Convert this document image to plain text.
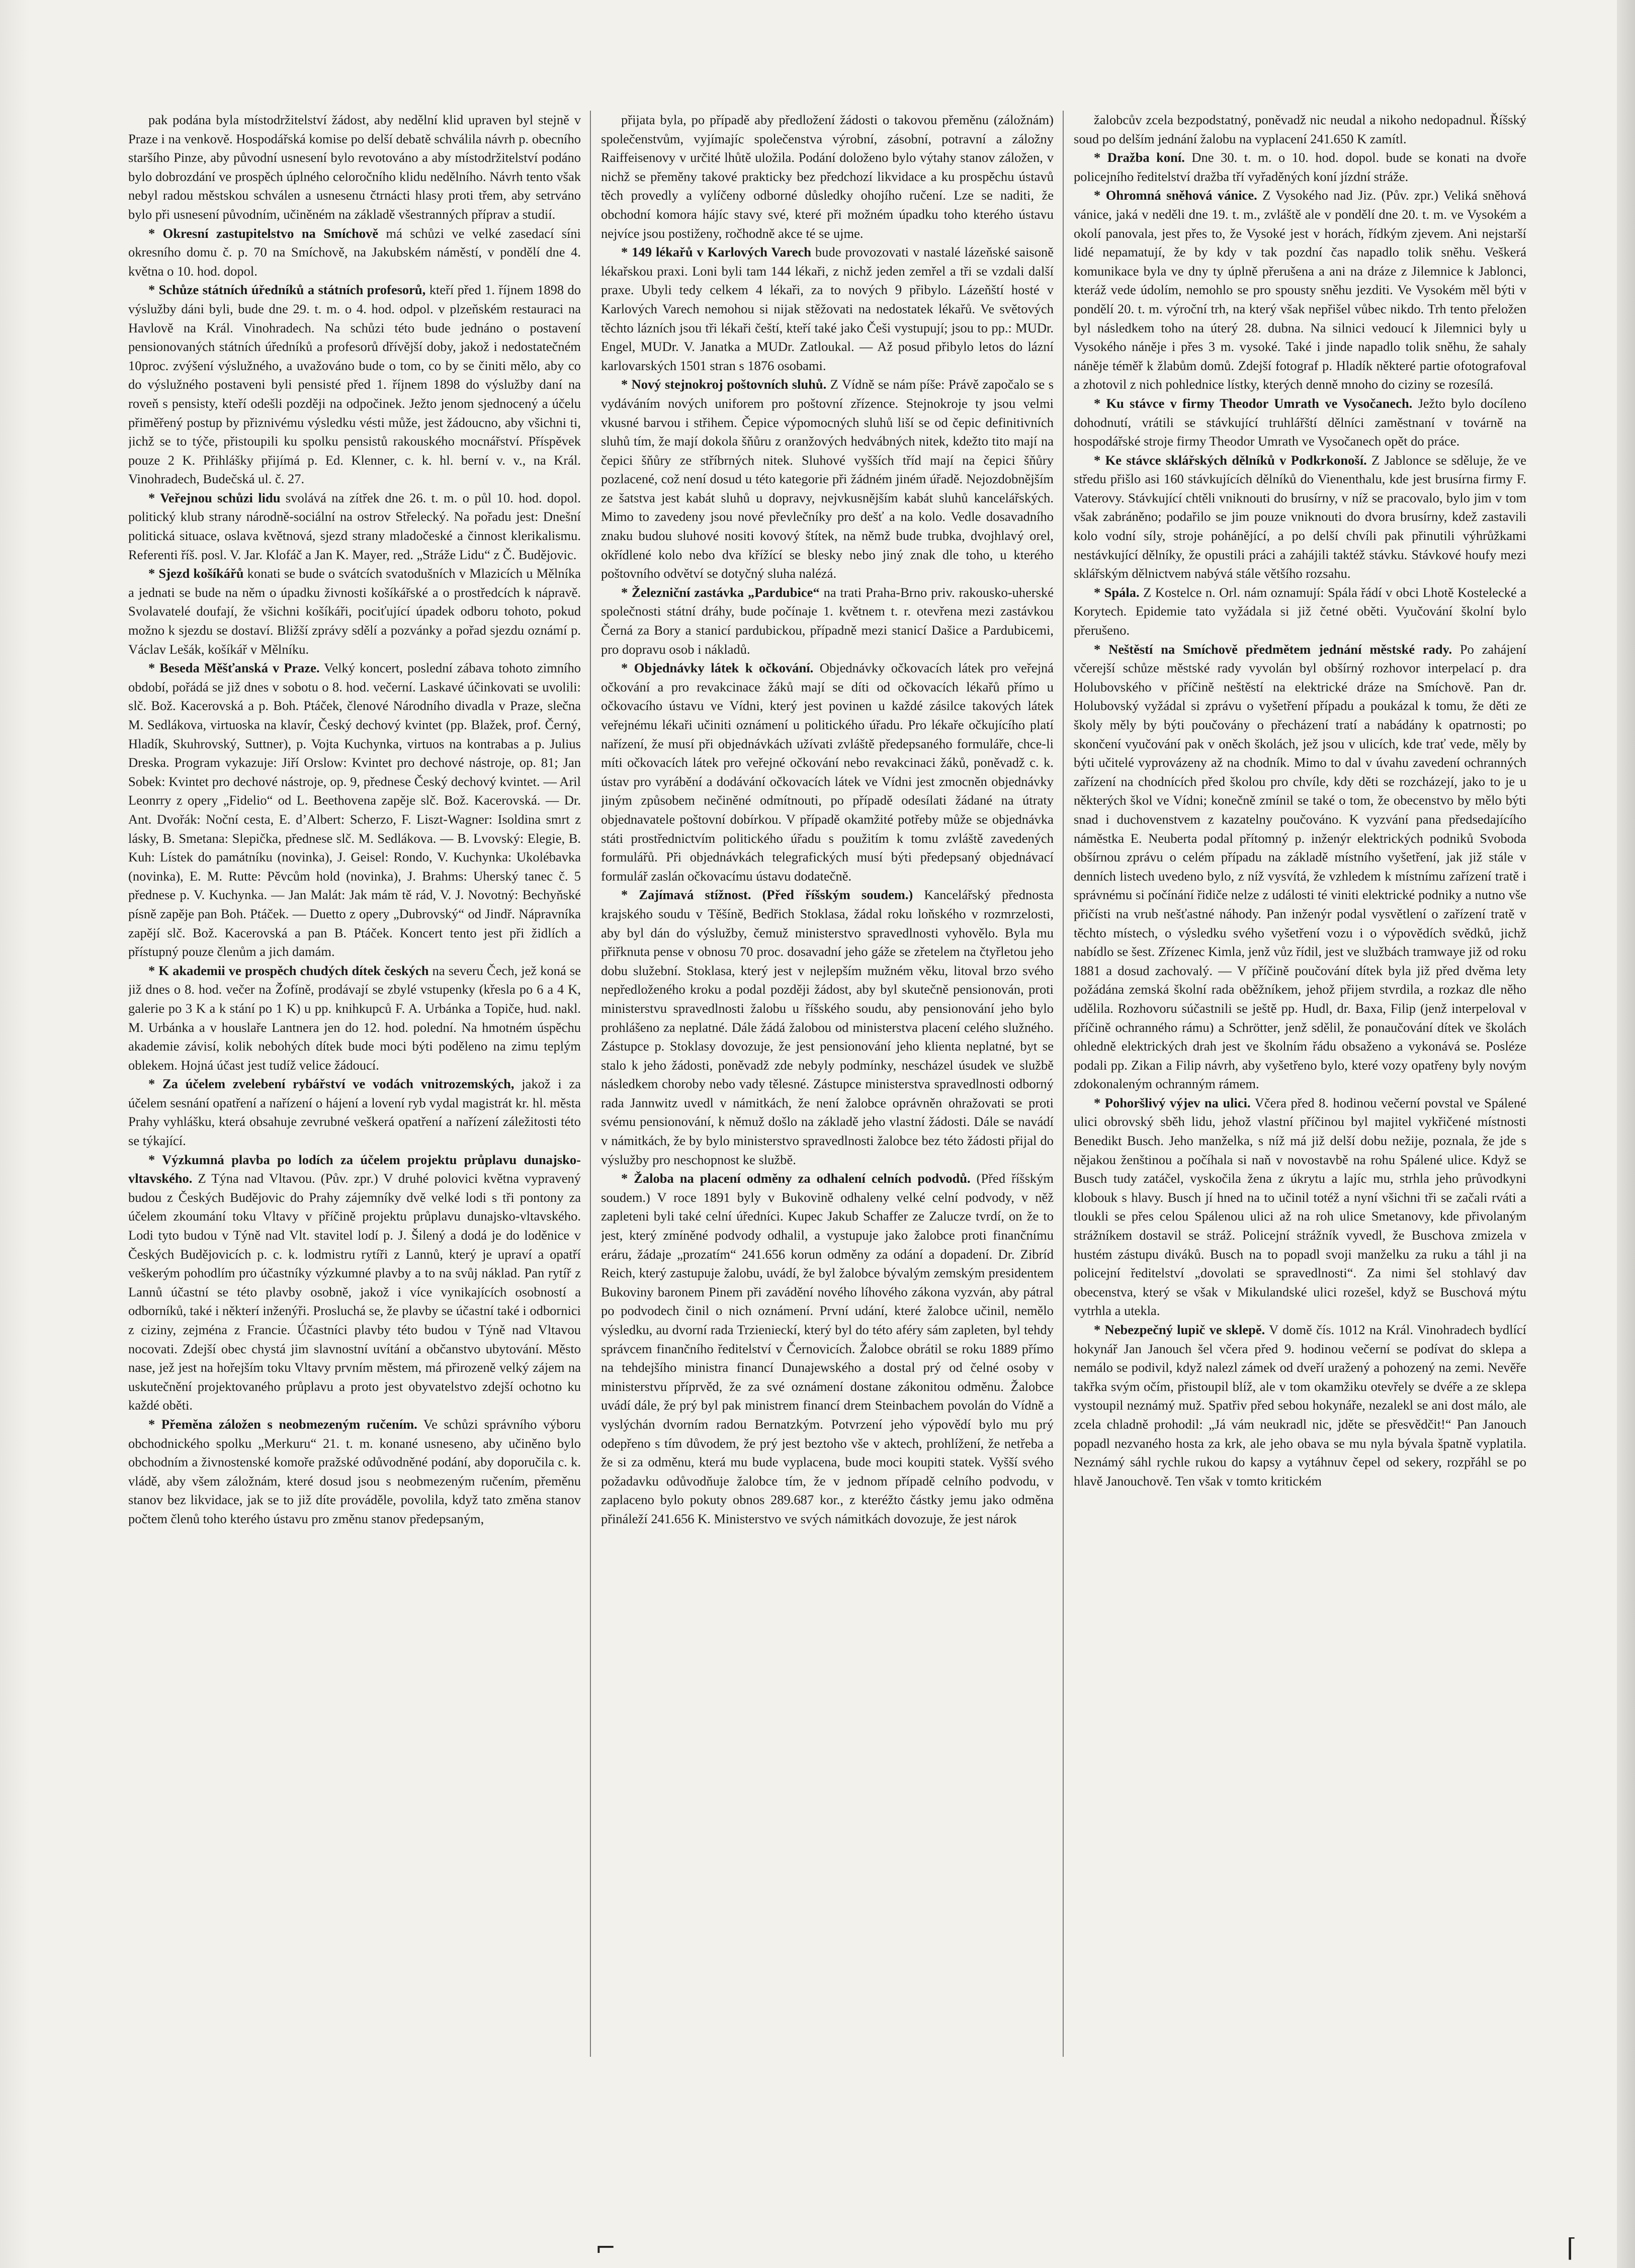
pak podána byla místodržitelství žádost, aby nedělní klid upraven byl stejně v Praze i na venkově. Hospodářská komise po delší debatě schválila návrh p. obecního staršího Pinze, aby původní usnesení bylo revotováno a aby místodržitelství podáno bylo dobrozdání ve prospěch úplného celoročního klidu nedělního. Návrh tento však nebyl radou městskou schválen a usnesenu čtrnácti hlasy proti třem, aby setrváno bylo při usnesení původním, učiněném na základě všestranných příprav a studií.

* Okresní zastupitelstvo na Smíchově má schůzi ve velké zasedací síni okresního domu č. p. 70 na Smíchově, na Jakubském náměstí, v pondělí dne 4. května o 10. hod. dopol.

* Schůze státních úředníků a státních profesorů, kteří před 1. říjnem 1898 do výslužby dáni byli, bude dne 29. t. m. o 4. hod. odpol. v plzeňském restauraci na Havlově na Král. Vinohradech. Na schůzi této bude jednáno o postavení pensionovaných státních úředníků a profesorů dřívější doby, jakož i nedostatečném 10proc. zvýšení výslužného, a uvažováno bude o tom, co by se činiti mělo, aby co do výslužného postaveni byli pensisté před 1. říjnem 1898 do výslužby daní na roveň s pensisty, kteří odešli později na odpočinek. Ježto jenom sjednocený a účelu přiměřený postup by přiznivému výsledku vésti může, jest žádoucno, aby všichni ti, jichž se to týče, přistoupili ku spolku pensistů rakouského mocnářství. Příspěvek pouze 2 K. Přihlášky přijímá p. Ed. Klenner, c. k. hl. berní v. v., na Král. Vinohradech, Budečská ul. č. 27.

* Veřejnou schůzi lidu svolává na zítřek dne 26. t. m. o půl 10. hod. dopol. politický klub strany národně-sociální na ostrov Střelecký. Na pořadu jest: Dnešní politická situace, oslava květnová, sjezd strany mladočeské a činnost klerikalismu. Referenti říš. posl. V. Jar. Klofáč a Jan K. Mayer, red. „Stráže Lidu“ z Č. Budějovic.

* Sjezd košíkářů konati se bude o svátcích svatodušních v Mlazicích u Mělníka a jednati se bude na něm o úpadku živnosti košíkářské a o prostředcích k nápravě. Svolavatelé doufají, že všichni košíkáři, pociťující úpadek odboru tohoto, pokud možno k sjezdu se dostaví. Bližší zprávy sdělí a pozvánky a pořad sjezdu oznámí p. Václav Lešák, košíkář v Mělníku.

* Beseda Měšťanská v Praze. Velký koncert, poslední zábava tohoto zimního období, pořádá se již dnes v sobotu o 8. hod. večerní. Laskavé účinkovati se uvolili: slč. Bož. Kacerovská a p. Boh. Ptáček, členové Národního divadla v Praze, slečna M. Sedlákova, virtuoska na klavír, Český dechový kvintet (pp. Blažek, prof. Černý, Hladík, Skuhrovský, Suttner), p. Vojta Kuchynka, virtuos na kontrabas a p. Julius Dreska. Program vykazuje: Jiří Orslow: Kvintet pro dechové nástroje, op. 81; Jan Sobek: Kvintet pro dechové nástroje, op. 9, přednese Český dechový kvintet. — Aril Leonrry z opery „Fidelio“ od L. Beethovena zapěje slč. Bož. Kacerovská. — Dr. Ant. Dvořák: Noční cesta, E. d’Albert: Scherzo, F. Liszt-Wagner: Isoldina smrt z lásky, B. Smetana: Slepička, přednese slč. M. Sedlákova. — B. Lvovský: Elegie, B. Kuh: Lístek do památníku (novinka), J. Geisel: Rondo, V. Kuchynka: Ukolébavka (novinka), E. M. Rutte: Pěvcům hold (novinka), J. Brahms: Uherský tanec č. 5 přednese p. V. Kuchynka. — Jan Malát: Jak mám tě rád, V. J. Novotný: Bechyňské písně zapěje pan Boh. Ptáček. — Duetto z opery „Dubrovský“ od Jindř. Nápravníka zapějí slč. Bož. Kacerovská a pan B. Ptáček. Koncert tento jest při židlích a přístupný pouze členům a jich damám.

* K akademii ve prospěch chudých dítek českých na severu Čech, jež koná se již dnes o 8. hod. večer na Žofíně, prodávají se zbylé vstupenky (křesla po 6 a 4 K, galerie po 3 K a k stání po 1 K) u pp. knihkupců F. A. Urbánka a Topiče, hud. nakl. M. Urbánka a v houslaře Lantnera jen do 12. hod. polední. Na hmotném úspěchu akademie závisí, kolik nebohých dítek bude moci býti poděleno na zimu teplým oblekem. Hojná účast jest tudíž velice žádoucí.

* Za účelem zvelebení rybářství ve vodách vnitrozemských, jakož i za účelem sesnání opatření a nařízení o hájení a lovení ryb vydal magistrát kr. hl. města Prahy vyhlášku, která obsahuje zevrubné veškerá opatření a nařízení záležitosti této se týkající.

* Výzkumná plavba po lodích za účelem projektu průplavu dunajsko-vltavského. Z Týna nad Vltavou. (Pův. zpr.) V druhé polovici května vypravený budou z Českých Budějovic do Prahy zájemníky dvě velké lodi s tři pontony za účelem zkoumání toku Vltavy v příčině projektu průplavu dunajsko-vltavského. Lodi tyto budou v Týně nad Vlt. stavitel lodí p. J. Šilený a dodá je do loděnice v Českých Budějovicích p. c. k. lodmistru rytíři z Lannů, který je upraví a opatří veškerým pohodlím pro účastníky výzkumné plavby a to na svůj náklad. Pan rytíř z Lannů účastní se této plavby osobně, jakož i více vynikajících osobností a odborníků, také i některí inženýři. Prosluchá se, že plavby se účastní také i odbornici z ciziny, zejména z Francie. Účastníci plavby této budou v Týně nad Vltavou nocovati. Zdejší obec chystá jim slavnostní uvítání a občanstvo ubytování. Město nase, jež jest na hořejším toku Vltavy prvním městem, má přirozeně velký zájem na uskutečnění projektovaného průplavu a proto jest obyvatelstvo zdejší ochotno ku každé oběti.

* Přeměna záložen s neobmezeným ručením. Ve schůzi správního výboru obchodnického spolku „Merkuru“ 21. t. m. konané usneseno, aby učiněno bylo obchodním a živnostenské komoře pražské odůvodněné podání, aby doporučila c. k. vládě, aby všem záložnám, které dosud jsou s neobmezeným ručením, přeměnu stanov bez likvidace, jak se to již díte prováděle, povolila, když tato změna stanov počtem členů toho kterého ústavu pro změnu stanov předepsaným,

přijata byla, po případě aby předložení žádosti o takovou přeměnu (záložnám) společenstvům, vyjímajíc společenstva výrobní, zásobní, potravní a záložny Raiffeisenovy v určité lhůtě uložila. Podání doloženo bylo výtahy stanov záložen, v nichž se přeměny takové prakticky bez předchozí likvidace a ku prospěchu ústavů těch provedly a vylíčeny odborné důsledky ohojího ručení. Lze se naditi, že obchodní komora hájíc stavy své, které při možném úpadku toho kterého ústavu nejvíce jsou postiženy, ročhodně akce té se ujme.

* 149 lékařů v Karlových Varech bude provozovati v nastalé lázeňské saisoně lékařskou praxi. Loni byli tam 144 lékaři, z nichž jeden zemřel a tři se vzdali další praxe. Ubyli tedy celkem 4 lékaři, za to nových 9 přibylo. Lázeňští hosté v Karlových Varech nemohou si nijak stěžovati na nedostatek lékařů. Ve světových těchto lázních jsou tři lékaři čeští, kteří také jako Češi vystupují; jsou to pp.: MUDr. Engel, MUDr. V. Janatka a MUDr. Zatloukal. — Až posud přibylo letos do lázní karlovarských 1501 stran s 1876 osobami.

* Nový stejnokroj poštovních sluhů. Z Vídně se nám píše: Právě započalo se s vydáváním nových uniforem pro poštovní zřízence. Stejnokroje ty jsou velmi vkusné barvou i střihem. Čepice výpomocných sluhů liší se od čepic definitivních sluhů tím, že mají dokola šňůru z oranžových hedvábných nitek, kdežto tito mají na čepici šňůry ze stříbrných nitek. Sluhové vyšších tříd mají na čepici šňůry pozlacené, což není dosud u této kategorie při žádném jiném úřadě. Nejozdobnějším ze šatstva jest kabát sluhů u dopravy, nejvkusnějším kabát sluhů kancelářských. Mimo to zavedeny jsou nové převlečníky pro dešť a na kolo. Vedle dosavadního znaku budou sluhové nositi kovový štítek, na němž bude trubka, dvojhlavý orel, okřídlené kolo nebo dva křížící se blesky nebo jiný znak dle toho, u kterého poštovního odvětví se dotyčný sluha nalézá.

* Železniční zastávka „Pardubice“ na trati Praha-Brno priv. rakousko-uherské společnosti státní dráhy, bude počínaje 1. květnem t. r. otevřena mezi zastávkou Černá za Bory a stanicí pardubickou, případně mezi stanicí Dašice a Pardubicemi, pro dopravu osob i nákladů.

* Objednávky látek k očkování. Objednávky očkovacích látek pro veřejná očkování a pro revakcinace žáků mají se díti od očkovacích lékařů přímo u očkovacího ústavu ve Vídni, který jest povinen u každé zásilce takových látek veřejnému lékaři učiniti oznámení u politického úřadu. Pro lékaře očkujícího platí nařízení, že musí při objednávkách užívati zvláště předepsaného formuláře, chce-li míti očkovacích látek pro veřejné očkování nebo revakcinaci žáků, poněvadž c. k. ústav pro vyrábění a dodávání očkovacích látek ve Vídni jest zmocněn objednávky jiným způsobem nečiněné odmítnouti, po případě odesílati žádané na útraty objednavatele poštovní dobírkou. V případě okamžité potřeby může se objednávka státi prostřednictvím politického úřadu s použitím k tomu zvláště zavedených formulářů. Při objednávkách telegrafických musí býti předepsaný objednávací formulář zaslán očkovacímu ústavu dodatečně.

* Zajímavá stížnost. (Před říšským soudem.) Kancelářský přednosta krajského soudu v Těšíně, Bedřich Stoklasa, žádal roku loňského v rozmrzelosti, aby byl dán do výslužby, čemuž ministerstvo spravedlnosti vyhovělo. Byla mu přiřknuta pense v obnosu 70 proc. dosavadní jeho gáže se zřetelem na čtyřletou jeho dobu služební. Stoklasa, který jest v nejlepším mužném věku, litoval brzo svého nepředloženého kroku a podal později žádost, aby byl skutečně pensionován, proti ministerstvu spravedlnosti žalobu u říšského soudu, aby pensionování jeho bylo prohlášeno za neplatné. Dále žádá žalobou od ministerstva placení celého služného. Zástupce p. Stoklasy dovozuje, že jest pensionování jeho klienta neplatné, byt se stalo k jeho žádosti, poněvadž zde nebyly podmínky, nescházel úsudek ve službě následkem choroby nebo vady tělesné. Zástupce ministerstva spravedlnosti odborný rada Jannwitz uvedl v námitkách, že není žalobce oprávněn ohražovati se proti svému pensionování, k němuž došlo na základě jeho vlastní žádosti. Dále se navádí v námitkách, že by bylo ministerstvo spravedlnosti žalobce bez této žádosti přijal do výslužby pro neschopnost ke službě.

* Žaloba na placení odměny za odhalení celních podvodů. (Před říšským soudem.) V roce 1891 byly v Bukovině odhaleny velké celní podvody, v něž zapleteni byli také celní úředníci. Kupec Jakub Schaffer ze Zalucze tvrdí, on že to jest, který zmíněné podvody odhalil, a vystupuje jako žalobce proti finančnímu eráru, žádaje „prozatím“ 241.656 korun odměny za odání a dopadení. Dr. Zibríd Reich, který zastupuje žalobu, uvádí, že byl žalobce bývalým zemským presidentem Bukoviny baronem Pinem při zavádění nového líhového zákona vyzván, aby pátral po podvodech činil o nich oznámení. První udání, které žalobce učinil, nemělo výsledku, au dvorní rada Trzienieckí, který byl do této aféry sám zapleten, byl tehdy správcem finančního ředitelství v Černovicích. Žalobce obrátil se roku 1889 přímo na tehdejšího ministra financí Dunajewského a dostal prý od čelné osoby v ministerstvu příprvěd, že za své oznámení dostane zákonitou odměnu. Žalobce uvádí dále, že prý byl pak ministrem financí drem Steinbachem povolán do Vídně a vyslýchán dvorním radou Bernatzkým. Potvrzení jeho výpovědí bylo mu prý odepřeno s tím důvodem, že prý jest beztoho vše v aktech, prohlížení, že netřeba a že si za odměnu, která mu bude vyplacena, bude moci koupiti statek. Vyšší svého požadavku odůvodňuje žalobce tím, že v jednom případě celního podvodu, v zaplaceno bylo pokuty obnos 289.687 kor., z kteréžto částky jemu jako odměna přináleží 241.656 K. Ministerstvo ve svých námitkách dovozuje, že jest nárok

žalobcův zcela bezpodstatný, poněvadž nic neudal a nikoho nedopadnul. Říšský soud po delším jednání žalobu na vyplacení 241.650 K zamítl.

* Dražba koní. Dne 30. t. m. o 10. hod. dopol. bude se konati na dvoře policejního ředitelství dražba tří vyřaděných koní jízdní stráže.

* Ohromná sněhová vánice. Z Vysokého nad Jiz. (Pův. zpr.) Veliká sněhová vánice, jaká v neděli dne 19. t. m., zvláště ale v pondělí dne 20. t. m. ve Vysokém a okolí panovala, jest přes to, že Vysoké jest v horách, řídkým zjevem. Ani nejstarší lidé nepamatují, že by kdy v tak pozdní čas napadlo tolik sněhu. Veškerá komunikace byla ve dny ty úplně přerušena a ani na dráze z Jilemnice k Jablonci, kteráž vede údolím, nemohlo se pro spousty sněhu jezditi. Ve Vysokém měl býti v pondělí 20. t. m. výroční trh, na který však nepřišel vůbec nikdo. Trh tento přeložen byl následkem toho na úterý 28. dubna. Na silnici vedoucí k Jilemnici byly u Vysokého náněje i přes 3 m. vysoké. Také i jinde napadlo tolik sněhu, že sahaly náněje téměř k žlabům domů. Zdejší fotograf p. Hladík některé partie ofotografoval a zhotovil z nich pohlednice lístky, kterých denně mnoho do ciziny se rozesílá.

* Ku stávce v firmy Theodor Umrath ve Vysočanech. Ježto bylo docíleno dohodnutí, vrátili se stávkující truhlářští dělníci zaměstnaní v továrně na hospodářské stroje firmy Theodor Umrath ve Vysočanech opět do práce.

* Ke stávce sklářských dělníků v Podkrkonoší. Z Jablonce se sděluje, že ve středu přišlo asi 160 stávkujících dělníků do Vienenthalu, kde jest brusírna firmy F. Vaterovy. Stávkující chtěli vniknouti do brusírny, v níž se pracovalo, bylo jim v tom však zabráněno; podařilo se jim pouze vniknouti do dvora brusírny, kdež zastavili kolo vodní síly, stroje pohánějící, a po delší chvíli pak přinutili výhrůžkami nestávkující dělníky, že opustili práci a zahájili taktéž stávku. Stávkové houfy mezi sklářským dělnictvem nabývá stále většího rozsahu.

* Spála. Z Kostelce n. Orl. nám oznamují: Spála řádí v obci Lhotě Kostelecké a Korytech. Epidemie tato vyžádala si již četné oběti. Vyučování školní bylo přerušeno.

* Neštěstí na Smíchově předmětem jednání městské rady. Po zahájení včerejší schůze městské rady vyvolán byl obšírný rozhovor interpelací p. dra Holubovského v příčině neštěstí na elektrické dráze na Smíchově. Pan dr. Holubovský vyžádal si zprávu o vyšetření případu a poukázal k tomu, že děti ze školy měly by býti poučovány o přecházení tratí a nabádány k opatrnosti; po skončení vyučování pak v oněch školách, jež jsou v ulicích, kde trať vede, měly by býti učitelé vyprovázeny až na chodník. Mimo to dal v úvahu zavedení ochranných zařízení na chodnících před školou pro chvíle, kdy děti se rozcházejí, jako to je u některých škol ve Vídni; konečně zmínil se také o tom, že obecenstvo by mělo býti snad i duchovenstvem z kazatelny poučováno. K vyzvání pana předsedajícího náměstka E. Neuberta podal přítomný p. inženýr elektrických podniků Svoboda obšírnou zprávu o celém případu na základě místního vyšetření, jak již stále v denních listech uvedeno bylo, z níž vysvítá, že vzhledem k místnímu zařízení tratě i správnému si počínání řidiče nelze z události té viniti elektrické podniky a nutno vše přičísti na vrub nešťastné náhody. Pan inženýr podal vysvětlení o zařízení tratě v těchto místech, o výsledku svého vyšetření vozu i o výpovědích svědků, jichž nabídlo se šest. Zřízenec Kimla, jenž vůz řídil, jest ve službách tramwaye již od roku 1881 a dosud zachovalý. — V příčině poučování dítek byla již před dvěma lety požádána zemská školní rada oběžníkem, jehož přijem stvrdila, a rozkaz dle něho udělila. Rozhovoru súčastnili se ještě pp. Hudl, dr. Baxa, Filip (jenž interpeloval v příčině ochranného rámu) a Schrötter, jenž sdělil, že ponaučování dítek ve školách ohledně elektrických drah jest ve školním řádu obsaženo a vykonává se. Posléze podali pp. Zikan a Filip návrh, aby vyšetřeno bylo, které vozy opatřeny byly novým zdokonaleným ochranným rámem.

* Pohoršlivý výjev na ulici. Včera před 8. hodinou večerní povstal ve Spálené ulici obrovský sběh lidu, jehož vlastní příčinou byl majitel vykřičené místnosti Benedikt Busch. Jeho manželka, s níž má již delší dobu nežije, poznala, že jde s nějakou ženštinou a počíhala si naň v novostavbě na rohu Spálené ulice. Když se Busch tudy zatáčel, vyskočila žena z úkrytu a lajíc mu, strhla jeho průvodkyni klobouk s hlavy. Busch jí hned na to učinil totéž a nyní všichni tři se začali rváti a tloukli se přes celou Spálenou ulici až na roh ulice Smetanovy, kde přivolaným strážníkem dostavil se stráž. Policejní strážník vyvedl, že Buschova zmizela v hustém zástupu diváků. Busch na to popadl svoji manželku za ruku a táhl ji na policejní ředitelství „dovolati se spravedlnosti“. Za nimi šel stohlavý dav obecenstva, který se však v Mikulandské ulici rozešel, když se Buschová mýtu vytrhla a utekla.

* Nebezpečný lupič ve sklepě. V domě čís. 1012 na Král. Vinohradech bydlící hokynář Jan Janouch šel včera před 9. hodinou večerní se podívat do sklepa a nemálo se podivil, když nalezl zámek od dveří uražený a pohozený na zemi. Nevěře takřka svým očím, přistoupil blíž, ale v tom okamžiku otevřely se dvéře a ze sklepa vystoupil neznámý muž. Spatřiv před sebou hokynáře, nezalekl se ani dost málo, ale zcela chladně prohodil: „Já vám neukradl nic, jděte se přesvědčit!“ Pan Janouch popadl nezvaného hosta za krk, ale jeho obava se mu nyla bývala špatně vyplatila. Neznámý sáhl rychle rukou do kapsy a vytáhnuv čepel od sekery, rozpřáhl se po hlavě Janouchově. Ten však v tomto kritickém

⌐	⌈
